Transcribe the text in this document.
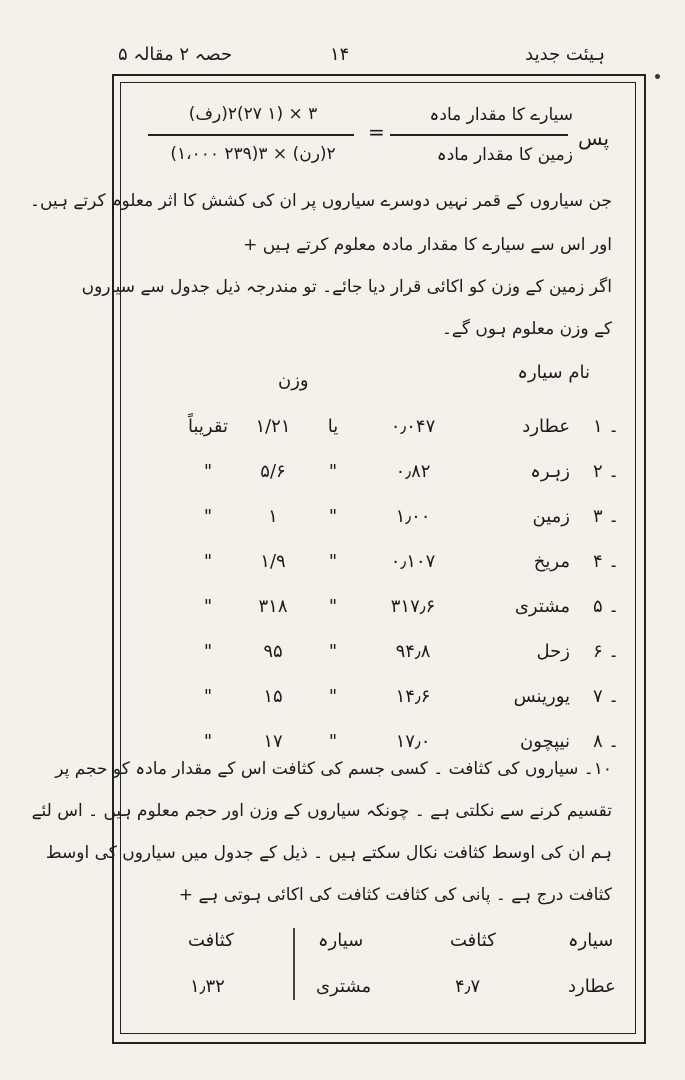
ہیئت جدید
۱۴
حصہ ۲ مقالہ ۵
پس
سیارے کا مقدار مادہ
زمین کا مقدار مادہ
=
(رف)۳ × (۱ ۲۷)۲
(۱،۰۰۰ ۲۳۹)۳ × (رن)۲
جن سیاروں کے قمر نہیں دوسرے سیاروں پر ان کی کشش کا اثر معلوم کرتے ہیں۔
اور اس سے سیارے کا مقدار مادہ معلوم کرتے ہیں +
اگر زمین کے وزن کو اکائی قرار دیا جائے۔ تو مندرجہ ذیل جدول سے سیاروں
کے وزن معلوم ہوں گے۔
نام سیارہ
وزن
۱ ۔
عطارد
۰٫۰۴۷
یا
۱/۲۱
تقریباً
۲ ۔
زہرہ
۰٫۸۲
"
۵/۶
"
۳ ۔
زمین
۱٫۰۰
"
۱
"
۴ ۔
مریخ
۰٫۱۰۷
"
۱/۹
"
۵ ۔
مشتری
۳۱۷٫۶
"
۳۱۸
"
۶ ۔
زحل
۹۴٫۸
"
۹۵
"
۷ ۔
یورینس
۱۴٫۶
"
۱۵
"
۸ ۔
نیپچون
۱۷٫۰
"
۱۷
"
۱۰۔ سیاروں کی کثافت ۔ کسی جسم کی کثافت اس کے مقدار مادہ کو حجم پر
تقسیم کرنے سے نکلتی ہے ۔ چونکہ سیاروں کے وزن اور حجم معلوم ہیں ۔ اس لئے
ہم ان کی اوسط کثافت نکال سکتے ہیں ۔ ذیل کے جدول میں سیاروں کی اوسط
کثافت درج ہے ۔ پانی کی کثافت کثافت کی اکائی ہوتی ہے +
سیارہ
کثافت
سیارہ
کثافت
عطارد
۴٫۷
مشتری
۱٫۳۲
